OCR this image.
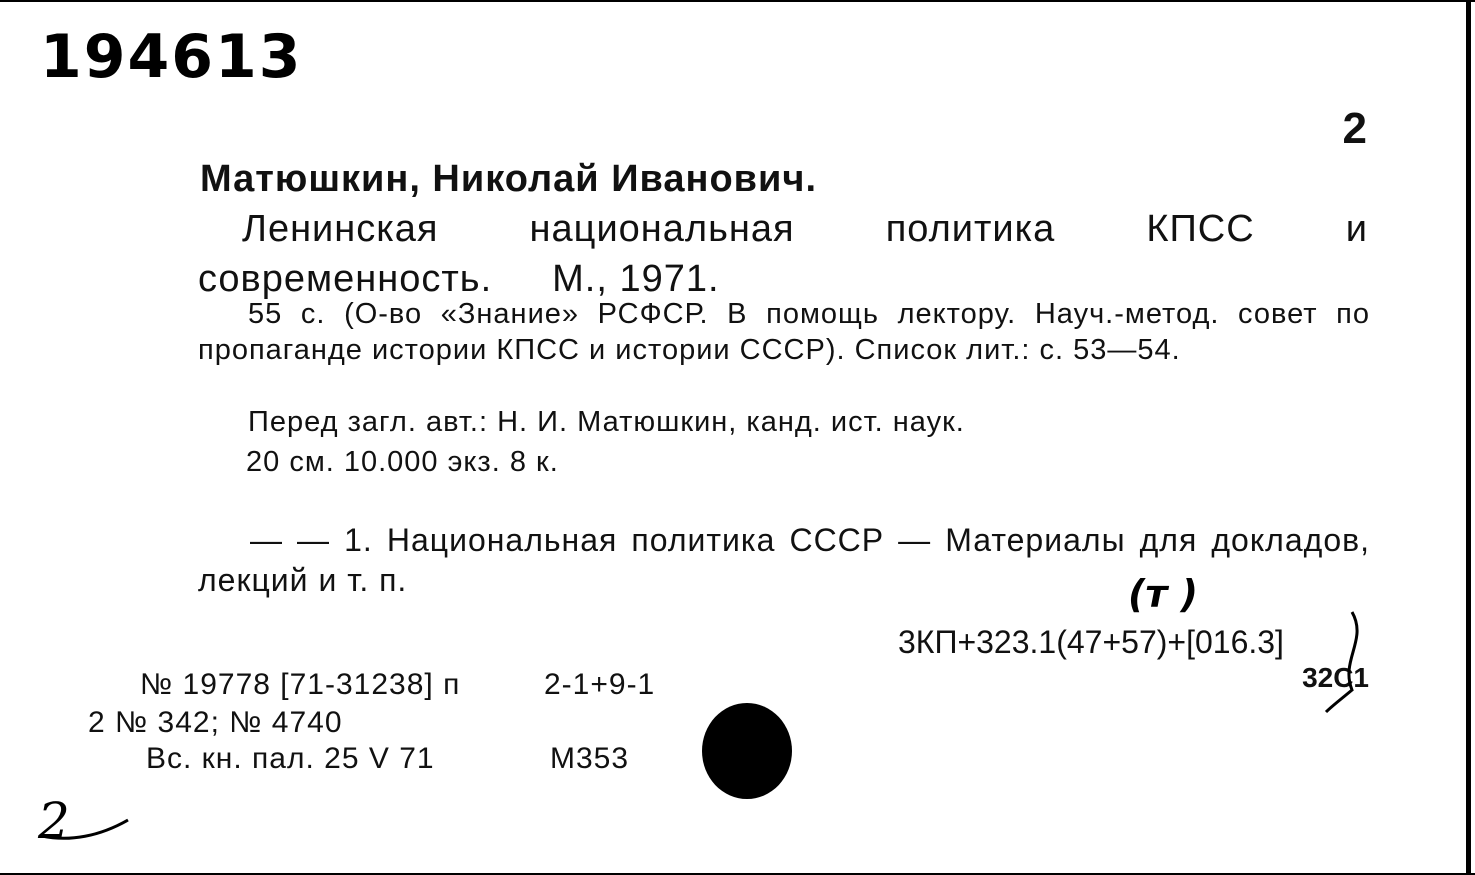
194613
2
Матюшкин, Николай Иванович.
Ленинская национальная политика КПСС и современность. М., 1971.
55 с. (О-во «Знание» РСФСР. В помощь лектору. Науч.-метод. совет по пропаганде истории КПСС и истории СССР). Список лит.: с. 53—54.
Перед загл. авт.: Н. И. Матюшкин, канд. ист. наук.
20 см. 10.000 экз. 8 к.
— — 1. Национальная политика СССР — Материалы для докладов, лекций и т. п.	(т )
3КП+323.1(47+57)+[016.3]
32С1
№ 19778 [71-31238] п	2-1+9-1
2 № 342; № 4740
Вс. кн. пал. 25 V 71	М353
2
